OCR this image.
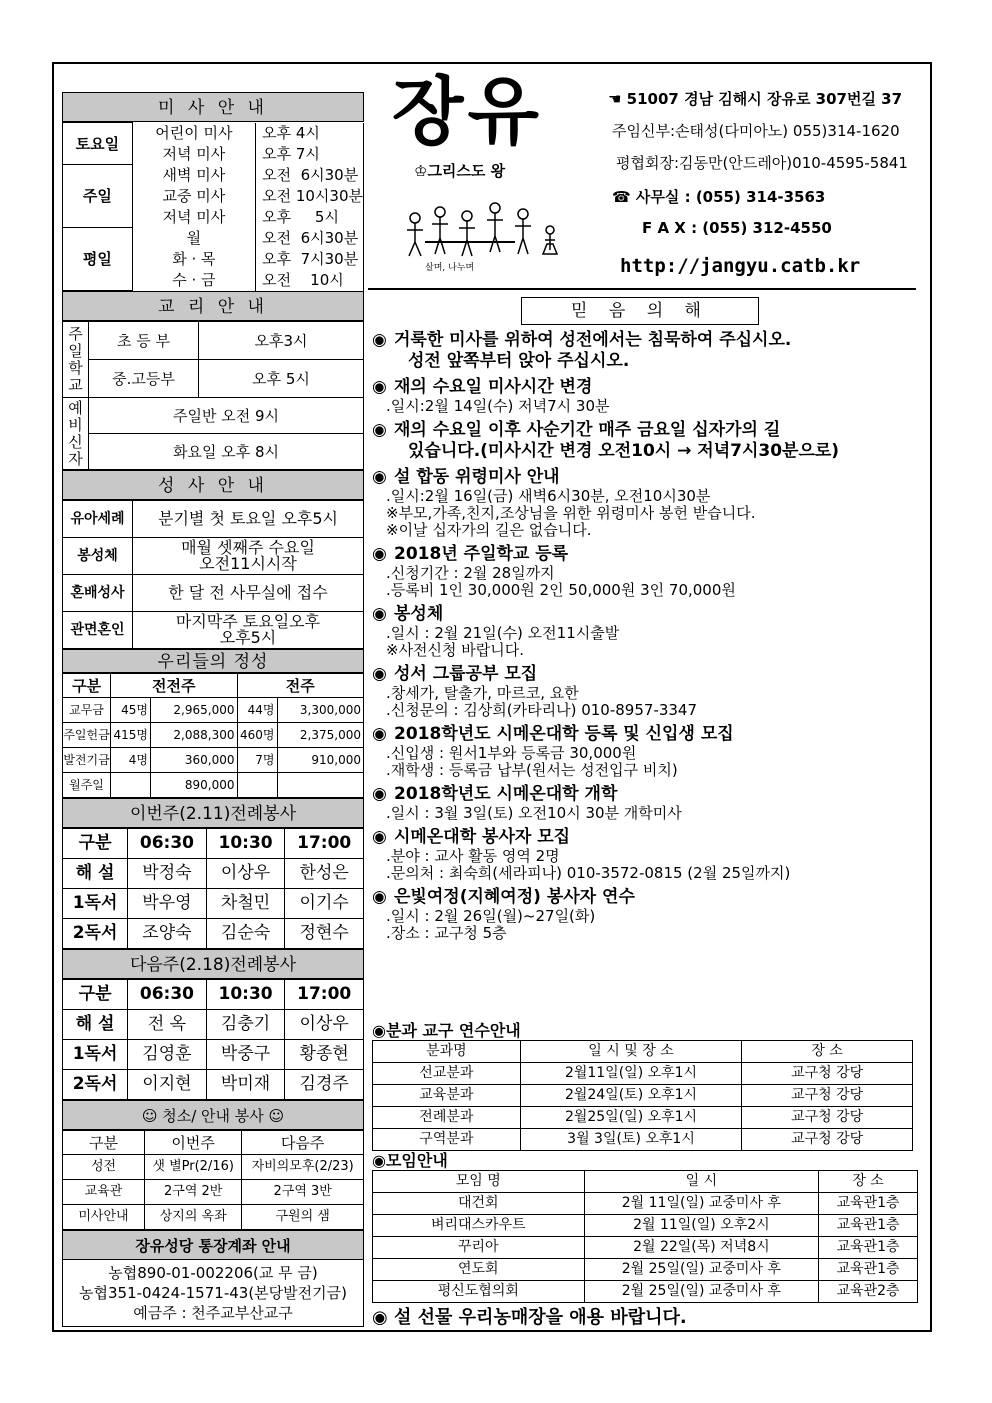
미 사 안 내
토요일	어린이 미사	오후 4시
	저녁 미사	오후 7시
주일	새벽 미사	오전  6시30분
	교중 미사	오전 10시30분
	저녁 미사	오후     5시
평일	월	오전  6시30분
	화 · 목	오후  7시30분
	수 · 금	오전    10시
교 리 안 내
주
일
학
교	초 등 부	오후3시
	중.고등부	오후 5시
예
비
신
자	주일반 오전 9시	
	화요일 오후 8시	
성 사 안 내
유아세례	분기별 첫 토요일 오후5시
봉성체	매월 셋째주 수요일
오전11시시작
혼배성사	한 달 전 사무실에 접수
관면혼인	마지막주 토요일오후
오후5시
우리들의 정성
구분	전전주		전주	
교무금	45명	2,965,000	44명	3,300,000
주일헌금	415명	2,088,300	460명	2,375,000
발전기금	4명	360,000	7명	910,000
월주일		890,000		
이번주(2.11)전례봉사
구분	06:30	10:30	17:00
해 설	박정숙	이상우	한성은
1독서	박우영	차철민	이기수
2독서	조양숙	김순숙	정현수
다음주(2.18)전례봉사
구분	06:30	10:30	17:00
해 설	전 옥	김충기	이상우
1독서	김영훈	박중구	황종현
2독서	이지현	박미재	김경주
☺ 청소/ 안내 봉사 ☺
구분	이번주	다음주
성전	샛 별Pr(2/16)	자비의모후(2/23)
교육관	2구역 2반	2구역 3반
미사안내	상지의 옥좌	구원의 샘
장유성당 통장계좌 안내
농협890-01-002206(교 무 금)
농협351-0424-1571-43(본당발전기금)
예금주 : 천주교부산교구
장유
♔그리스도 왕
살며, 나누며
☚ 51007 경남 김해시 장유로 307번길 37
주임신부:손태성(다미아노) 055)314-1620
평협회장:김동만(안드레아)010-4595-5841
☎ 사무실 : (055) 314-3563
F A X : (055) 312-4550
http://jangyu.catb.kr
믿 음 의 해
◉ 거룩한 미사를 위하여 성전에서는 침묵하여 주십시오.
성전 앞쪽부터 앉아 주십시오.
◉ 재의 수요일 미사시간 변경
.일시:2월 14일(수) 저녁7시 30분
◉ 재의 수요일 이후 사순기간 매주 금요일 십자가의 길
있습니다.(미사시간 변경 오전10시 → 저녁7시30분으로)
◉ 설 합동 위령미사 안내
.일시:2월 16일(금) 새벽6시30분, 오전10시30분
※부모,가족,친지,조상님을 위한 위령미사 봉헌 받습니다.
※이날 십자가의 길은 없습니다.
◉ 2018년 주일학교 등록
.신청기간 : 2월 28일까지
.등록비 1인 30,000원 2인 50,000원 3인 70,000원
◉ 봉성체
.일시 : 2월 21일(수) 오전11시출발
※사전신청 바랍니다.
◉ 성서 그룹공부 모집
.창세가, 탈출가, 마르코, 요한
.신청문의 : 김상희(카타리나) 010-8957-3347
◉ 2018학년도 시메온대학 등록 및 신입생 모집
.신입생 : 원서1부와 등록금 30,000원
.재학생 : 등록금 납부(원서는 성전입구 비치)
◉ 2018학년도 시메온대학 개학
.일시 : 3월 3일(토) 오전10시 30분 개학미사
◉ 시메온대학 봉사자 모집
.분야 : 교사 활동 영역 2명
.문의처 : 최숙희(세라피나) 010-3572-0815 (2월 25일까지)
◉ 은빛여정(지혜여정) 봉사자 연수
.일시 : 2월 26일(월)~27일(화)
.장소 : 교구청 5층
◉분과 교구 연수안내
분과명	일 시 및 장 소	장 소
선교분과	2월11일(일) 오후1시	교구청 강당
교육분과	2월24일(토) 오후1시	교구청 강당
전례분과	2월25일(일) 오후1시	교구청 강당
구역분과	3월 3일(토) 오후1시	교구청 강당
◉모임안내
모임 명	일 시	장 소
대건회	2월 11일(일) 교중미사 후	교육관1층
벼리대스카우트	2월 11일(일) 오후2시	교육관1층
꾸리아	2월 22일(목) 저녁8시	교육관1층
연도회	2월 25일(일) 교중미사 후	교육관1층
평신도협의회	2월 25일(일) 교중미사 후	교육관2층
◉ 설 선물 우리농매장을 애용 바랍니다.
